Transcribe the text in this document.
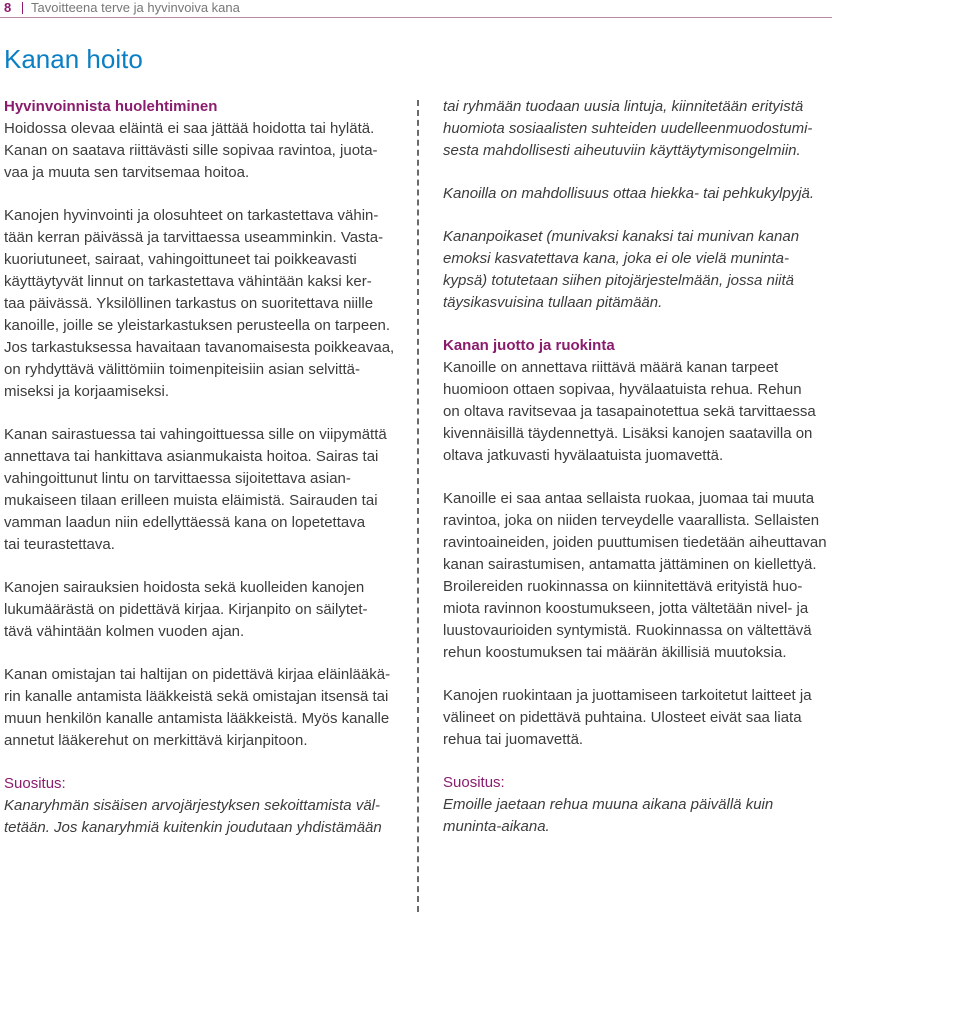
8 Tavoitteena terve ja hyvinvoiva kana
Kanan hoito

Hyvinvoinnista huolehtiminen
Hoidossa olevaa eläintä ei saa jättää hoidotta tai hylätä.
Kanan on saatava riittävästi sille sopivaa ravintoa, juota-
vaa ja muuta sen tarvitsemaa hoitoa.

Kanojen hyvinvointi ja olosuhteet on tarkastettava vähin-
tään kerran päivässä ja tarvittaessa useamminkin. Vasta-
kuoriutuneet, sairaat, vahingoittuneet tai poikkeavasti
käyttäytyvät linnut on tarkastettava vähintään kaksi ker-
taa päivässä. Yksilöllinen tarkastus on suoritettava niille
kanoille, joille se yleistarkastuksen perusteella on tarpeen.
Jos tarkastuksessa havaitaan tavanomaisesta poikkeavaa,
on ryhdyttävä välittömiin toimenpiteisiin asian selvittä-
miseksi ja korjaamiseksi.

Kanan sairastuessa tai vahingoittuessa sille on viipymättä
annettava tai hankittava asianmukaista hoitoa. Sairas tai
vahingoittunut lintu on tarvittaessa sijoitettava asian-
mukaiseen tilaan erilleen muista eläimistä. Sairauden tai
vamman laadun niin edellyttäessä kana on lopetettava
tai teurastettava.

Kanojen sairauksien hoidosta sekä kuolleiden kanojen
lukumäärästä on pidettävä kirjaa. Kirjanpito on säilytet-
tävä vähintään kolmen vuoden ajan.

Kanan omistajan tai haltijan on pidettävä kirjaa eläinlääkä-
rin kanalle antamista lääkkeistä sekä omistajan itsensä tai
muun henkilön kanalle antamista lääkkeistä. Myös kanalle
annetut lääkerehut on merkittävä kirjanpitoon.

Suositus:
Kanaryhmän sisäisen arvojärjestyksen sekoittamista väl-
tetään. Jos kanaryhmiä kuitenkin joudutaan yhdistämään

tai ryhmään tuodaan uusia lintuja, kiinnitetään erityistä
huomiota sosiaalisten suhteiden uudelleenmuodostumi-
sesta mahdollisesti aiheutuviin käyttäytymisongelmiin.

Kanoilla on mahdollisuus ottaa hiekka- tai pehkukylpyjä.

Kananpoikaset (munivaksi kanaksi tai munivan kanan
emoksi kasvatettava kana, joka ei ole vielä munintа-
kypsä) totutetaan siihen pitojärjestelmään, jossa niitä
täysikasvuisina tullaan pitämään.

Kanan juotto ja ruokinta
Kanoille on annettava riittävä määrä kanan tarpeet
huomioon ottaen sopivaa, hyvälaatuista rehua. Rehun
on oltava ravitsevaa ja tasapainotettua sekä tarvittaessa
kivennäisillä täydennettyä. Lisäksi kanojen saatavilla on
oltava jatkuvasti hyvälaatuista juomavettä.

Kanoille ei saa antaa sellaista ruokaa, juomaa tai muuta
ravintoa, joka on niiden terveydelle vaarallista. Sellaisten
ravintoaineiden, joiden puuttumisen tiedetään aiheuttavan
kanan sairastumisen, antamatta jättäminen on kiellettyä.
Broilereiden ruokinnassa on kiinnitettävä erityistä huo-
miota ravinnon koostumukseen, jotta vältetään nivel- ja
luustovaurioiden syntymistä. Ruokinnassa on vältettävä
rehun koostumuksen tai määrän äkillisiä muutoksia.

Kanojen ruokintaan ja juottamiseen tarkoitetut laitteet ja
välineet on pidettävä puhtaina. Ulosteet eivät saa liata
rehua tai juomavettä.

Suositus:
Emoille jaetaan rehua muuna aikana päivällä kuin
muninta-aikana.
